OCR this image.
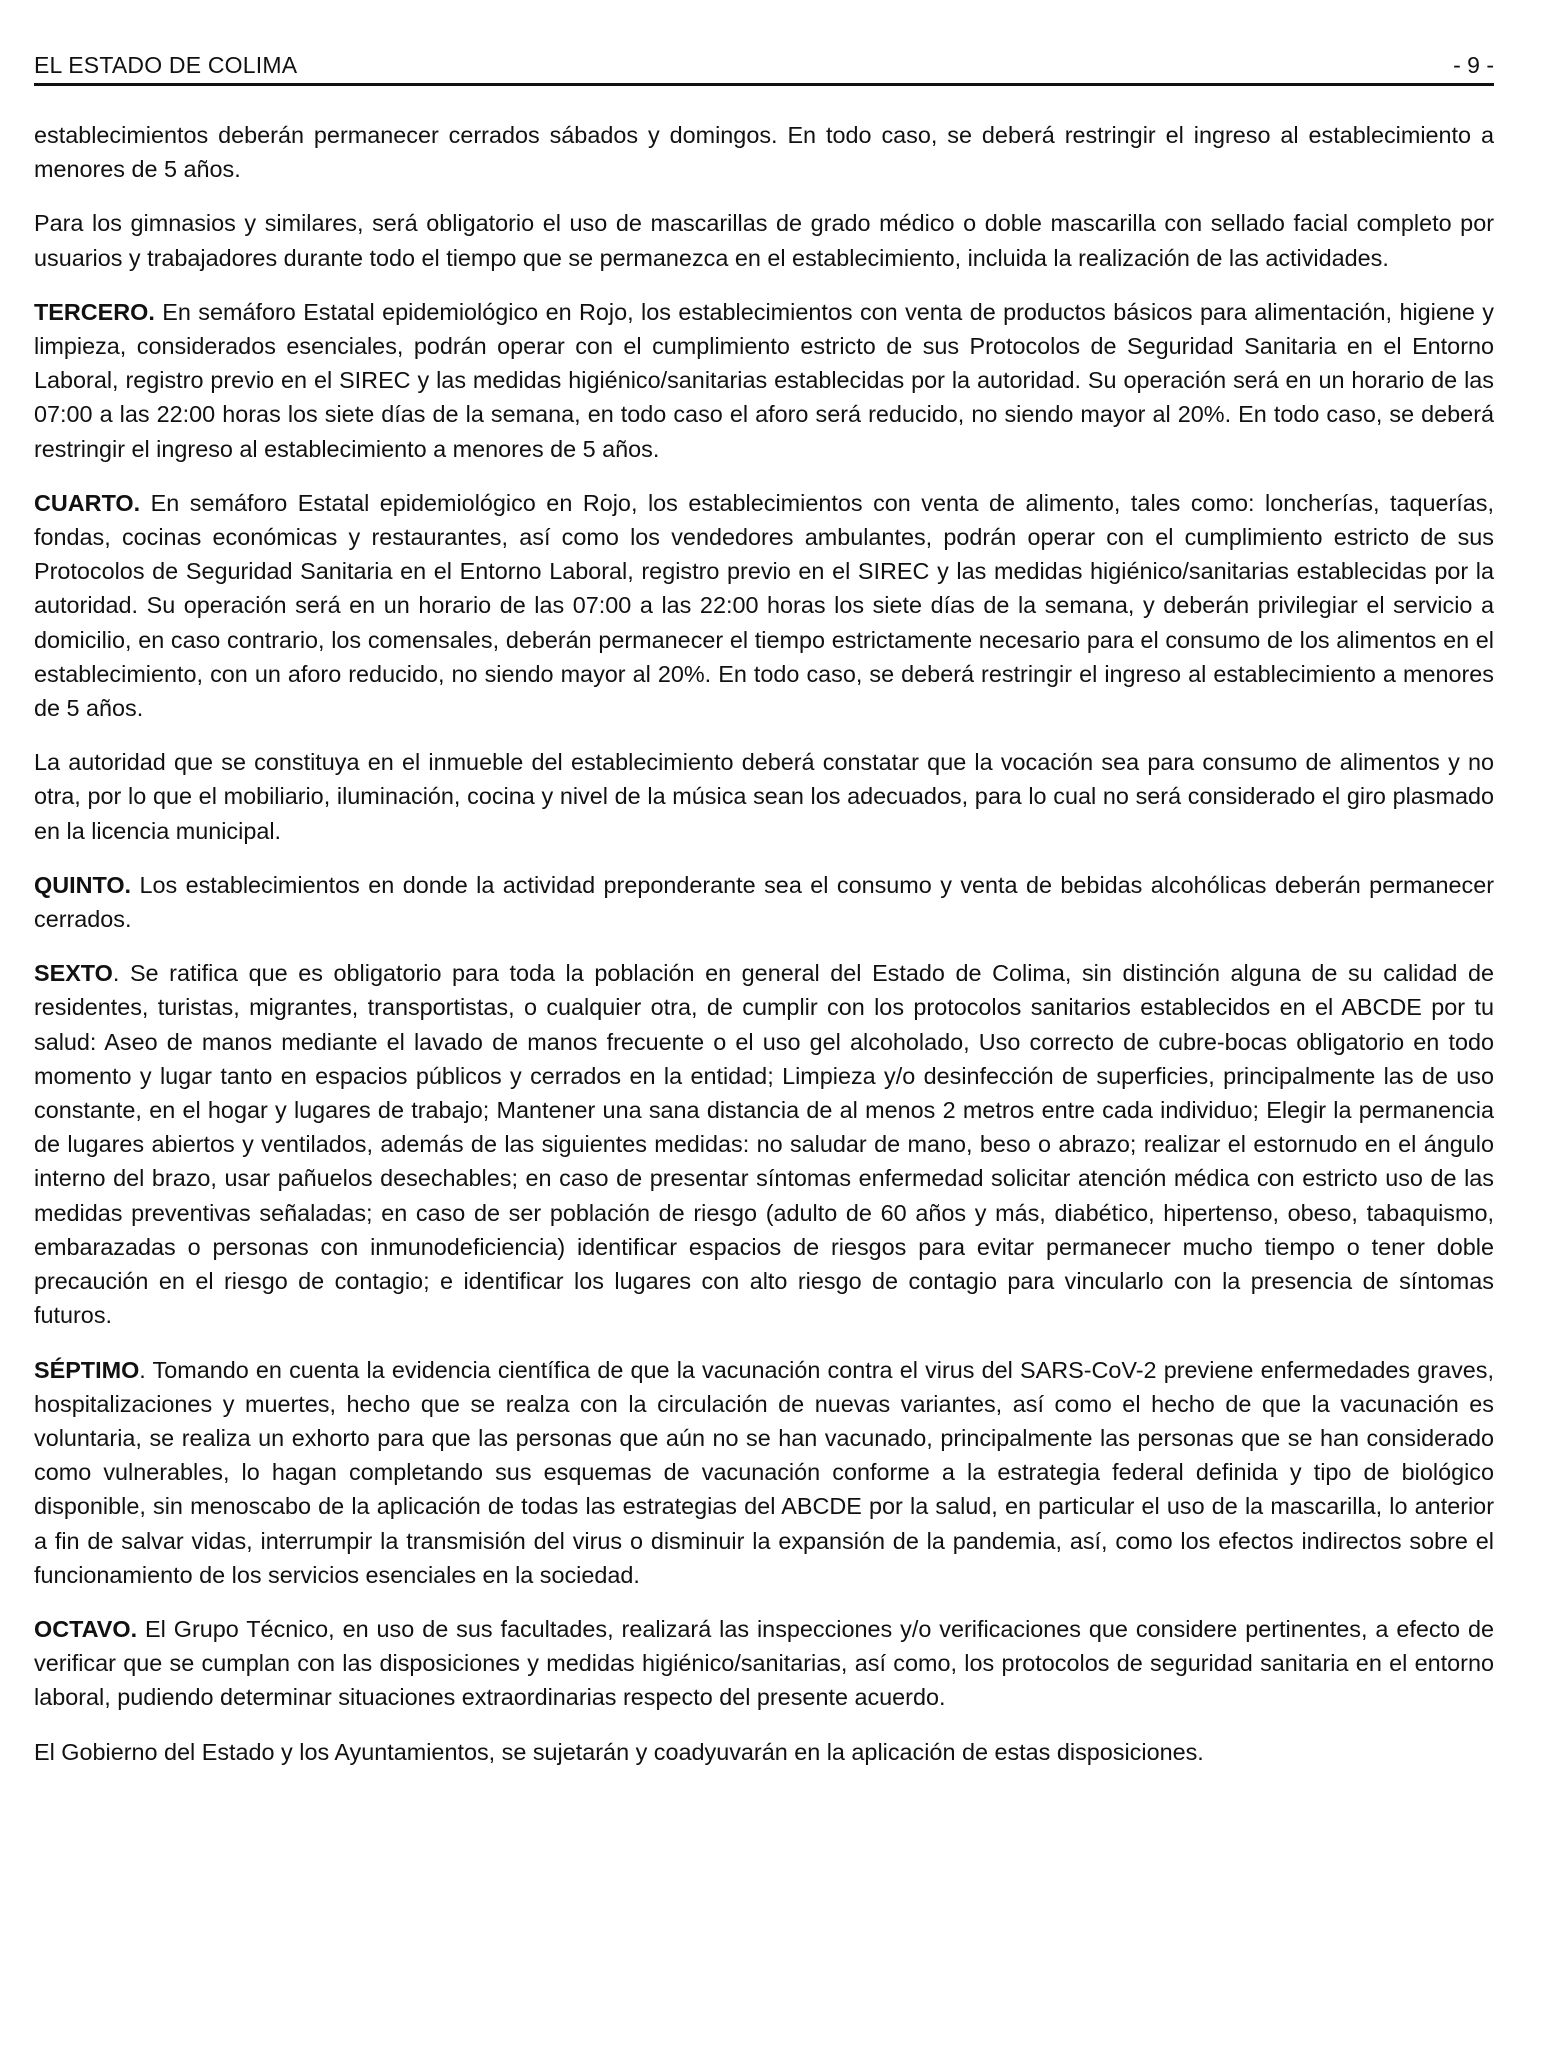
EL ESTADO DE COLIMA	- 9 -

establecimientos deberán permanecer cerrados sábados y domingos. En todo caso, se deberá restringir el ingreso al establecimiento a menores de 5 años.

Para los gimnasios y similares, será obligatorio el uso de mascarillas de grado médico o doble mascarilla con sellado facial completo por usuarios y trabajadores durante todo el tiempo que se permanezca en el establecimiento, incluida la realización de las actividades.

TERCERO. En semáforo Estatal epidemiológico en Rojo, los establecimientos con venta de productos básicos para alimentación, higiene y limpieza, considerados esenciales, podrán operar con el cumplimiento estricto de sus Protocolos de Seguridad Sanitaria en el Entorno Laboral, registro previo en el SIREC y las medidas higiénico/sanitarias establecidas por la autoridad. Su operación será en un horario de las 07:00 a las 22:00 horas los siete días de la semana, en todo caso el aforo será reducido, no siendo mayor al 20%. En todo caso, se deberá restringir el ingreso al establecimiento a menores de 5 años.

CUARTO. En semáforo Estatal epidemiológico en Rojo, los establecimientos con venta de alimento, tales como: loncherías, taquerías, fondas, cocinas económicas y restaurantes, así como los vendedores ambulantes, podrán operar con el cumplimiento estricto de sus Protocolos de Seguridad Sanitaria en el Entorno Laboral, registro previo en el SIREC y las medidas higiénico/sanitarias establecidas por la autoridad. Su operación será en un horario de las 07:00 a las 22:00 horas los siete días de la semana, y deberán privilegiar el servicio a domicilio, en caso contrario, los comensales, deberán permanecer el tiempo estrictamente necesario para el consumo de los alimentos en el establecimiento, con un aforo reducido, no siendo mayor al 20%. En todo caso, se deberá restringir el ingreso al establecimiento a menores de 5 años.

La autoridad que se constituya en el inmueble del establecimiento deberá constatar que la vocación sea para consumo de alimentos y no otra, por lo que el mobiliario, iluminación, cocina y nivel de la música sean los adecuados, para lo cual no será considerado el giro plasmado en la licencia municipal.

QUINTO. Los establecimientos en donde la actividad preponderante sea el consumo y venta de bebidas alcohólicas deberán permanecer cerrados.

SEXTO. Se ratifica que es obligatorio para toda la población en general del Estado de Colima, sin distinción alguna de su calidad de residentes, turistas, migrantes, transportistas, o cualquier otra, de cumplir con los protocolos sanitarios establecidos en el ABCDE por tu salud: Aseo de manos mediante el lavado de manos frecuente o el uso gel alcoholado, Uso correcto de cubre-bocas obligatorio en todo momento y lugar tanto en espacios públicos y cerrados en la entidad; Limpieza y/o desinfección de superficies, principalmente las de uso constante, en el hogar y lugares de trabajo; Mantener una sana distancia de al menos 2 metros entre cada individuo; Elegir la permanencia de lugares abiertos y ventilados, además de las siguientes medidas: no saludar de mano, beso o abrazo; realizar el estornudo en el ángulo interno del brazo, usar pañuelos desechables; en caso de presentar síntomas enfermedad solicitar atención médica con estricto uso de las medidas preventivas señaladas; en caso de ser población de riesgo (adulto de 60 años y más, diabético, hipertenso, obeso, tabaquismo, embarazadas o personas con inmunodeficiencia) identificar espacios de riesgos para evitar permanecer mucho tiempo o tener doble precaución en el riesgo de contagio; e identificar los lugares con alto riesgo de contagio para vincularlo con la presencia de síntomas futuros.

SÉPTIMO. Tomando en cuenta la evidencia científica de que la vacunación contra el virus del SARS-CoV-2 previene enfermedades graves, hospitalizaciones y muertes, hecho que se realza con la circulación de nuevas variantes, así como el hecho de que la vacunación es voluntaria, se realiza un exhorto para que las personas que aún no se han vacunado, principalmente las personas que se han considerado como vulnerables, lo hagan completando sus esquemas de vacunación conforme a la estrategia federal definida y tipo de biológico disponible, sin menoscabo de la aplicación de todas las estrategias del ABCDE por la salud, en particular el uso de la mascarilla, lo anterior a fin de salvar vidas, interrumpir la transmisión del virus o disminuir la expansión de la pandemia, así, como los efectos indirectos sobre el funcionamiento de los servicios esenciales en la sociedad.

OCTAVO. El Grupo Técnico, en uso de sus facultades, realizará las inspecciones y/o verificaciones que considere pertinentes, a efecto de verificar que se cumplan con las disposiciones y medidas higiénico/sanitarias, así como, los protocolos de seguridad sanitaria en el entorno laboral, pudiendo determinar situaciones extraordinarias respecto del presente acuerdo.

El Gobierno del Estado y los Ayuntamientos, se sujetarán y coadyuvarán en la aplicación de estas disposiciones.
